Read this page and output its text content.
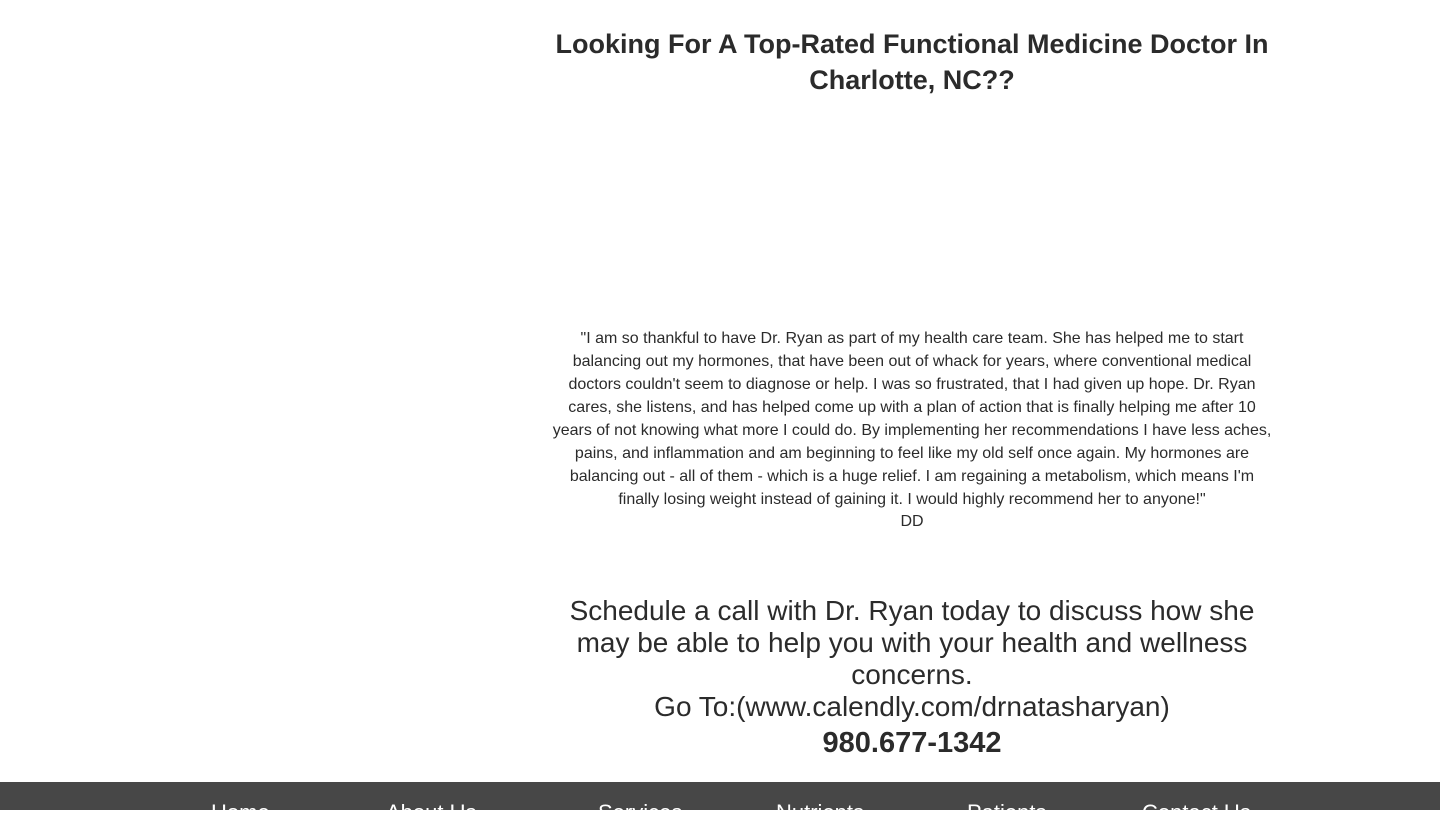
Looking For A Top-Rated Functional Medicine Doctor In Charlotte, NC??

"I am so thankful to have Dr. Ryan as part of my health care team. She has helped me to start balancing out my hormones, that have been out of whack for years, where conventional medical doctors couldn't seem to diagnose or help. I was so frustrated, that I had given up hope. Dr. Ryan cares, she listens, and has helped come up with a plan of action that is finally helping me after 10 years of not knowing what more I could do. By implementing her recommendations I have less aches, pains, and inflammation and am beginning to feel like my old self once again. My hormones are balancing out - all of them - which is a huge relief. I am regaining a metabolism, which means I'm finally losing weight instead of gaining it. I would highly recommend her to anyone!"

DD

Schedule a call with Dr. Ryan today to discuss how she may be able to help you with your health and wellness concerns.

Go To:(www.calendly.com/drnatasharyan)

980.677-1342

Home	About Us	Services	Nutrients	Patients	Contact Us
